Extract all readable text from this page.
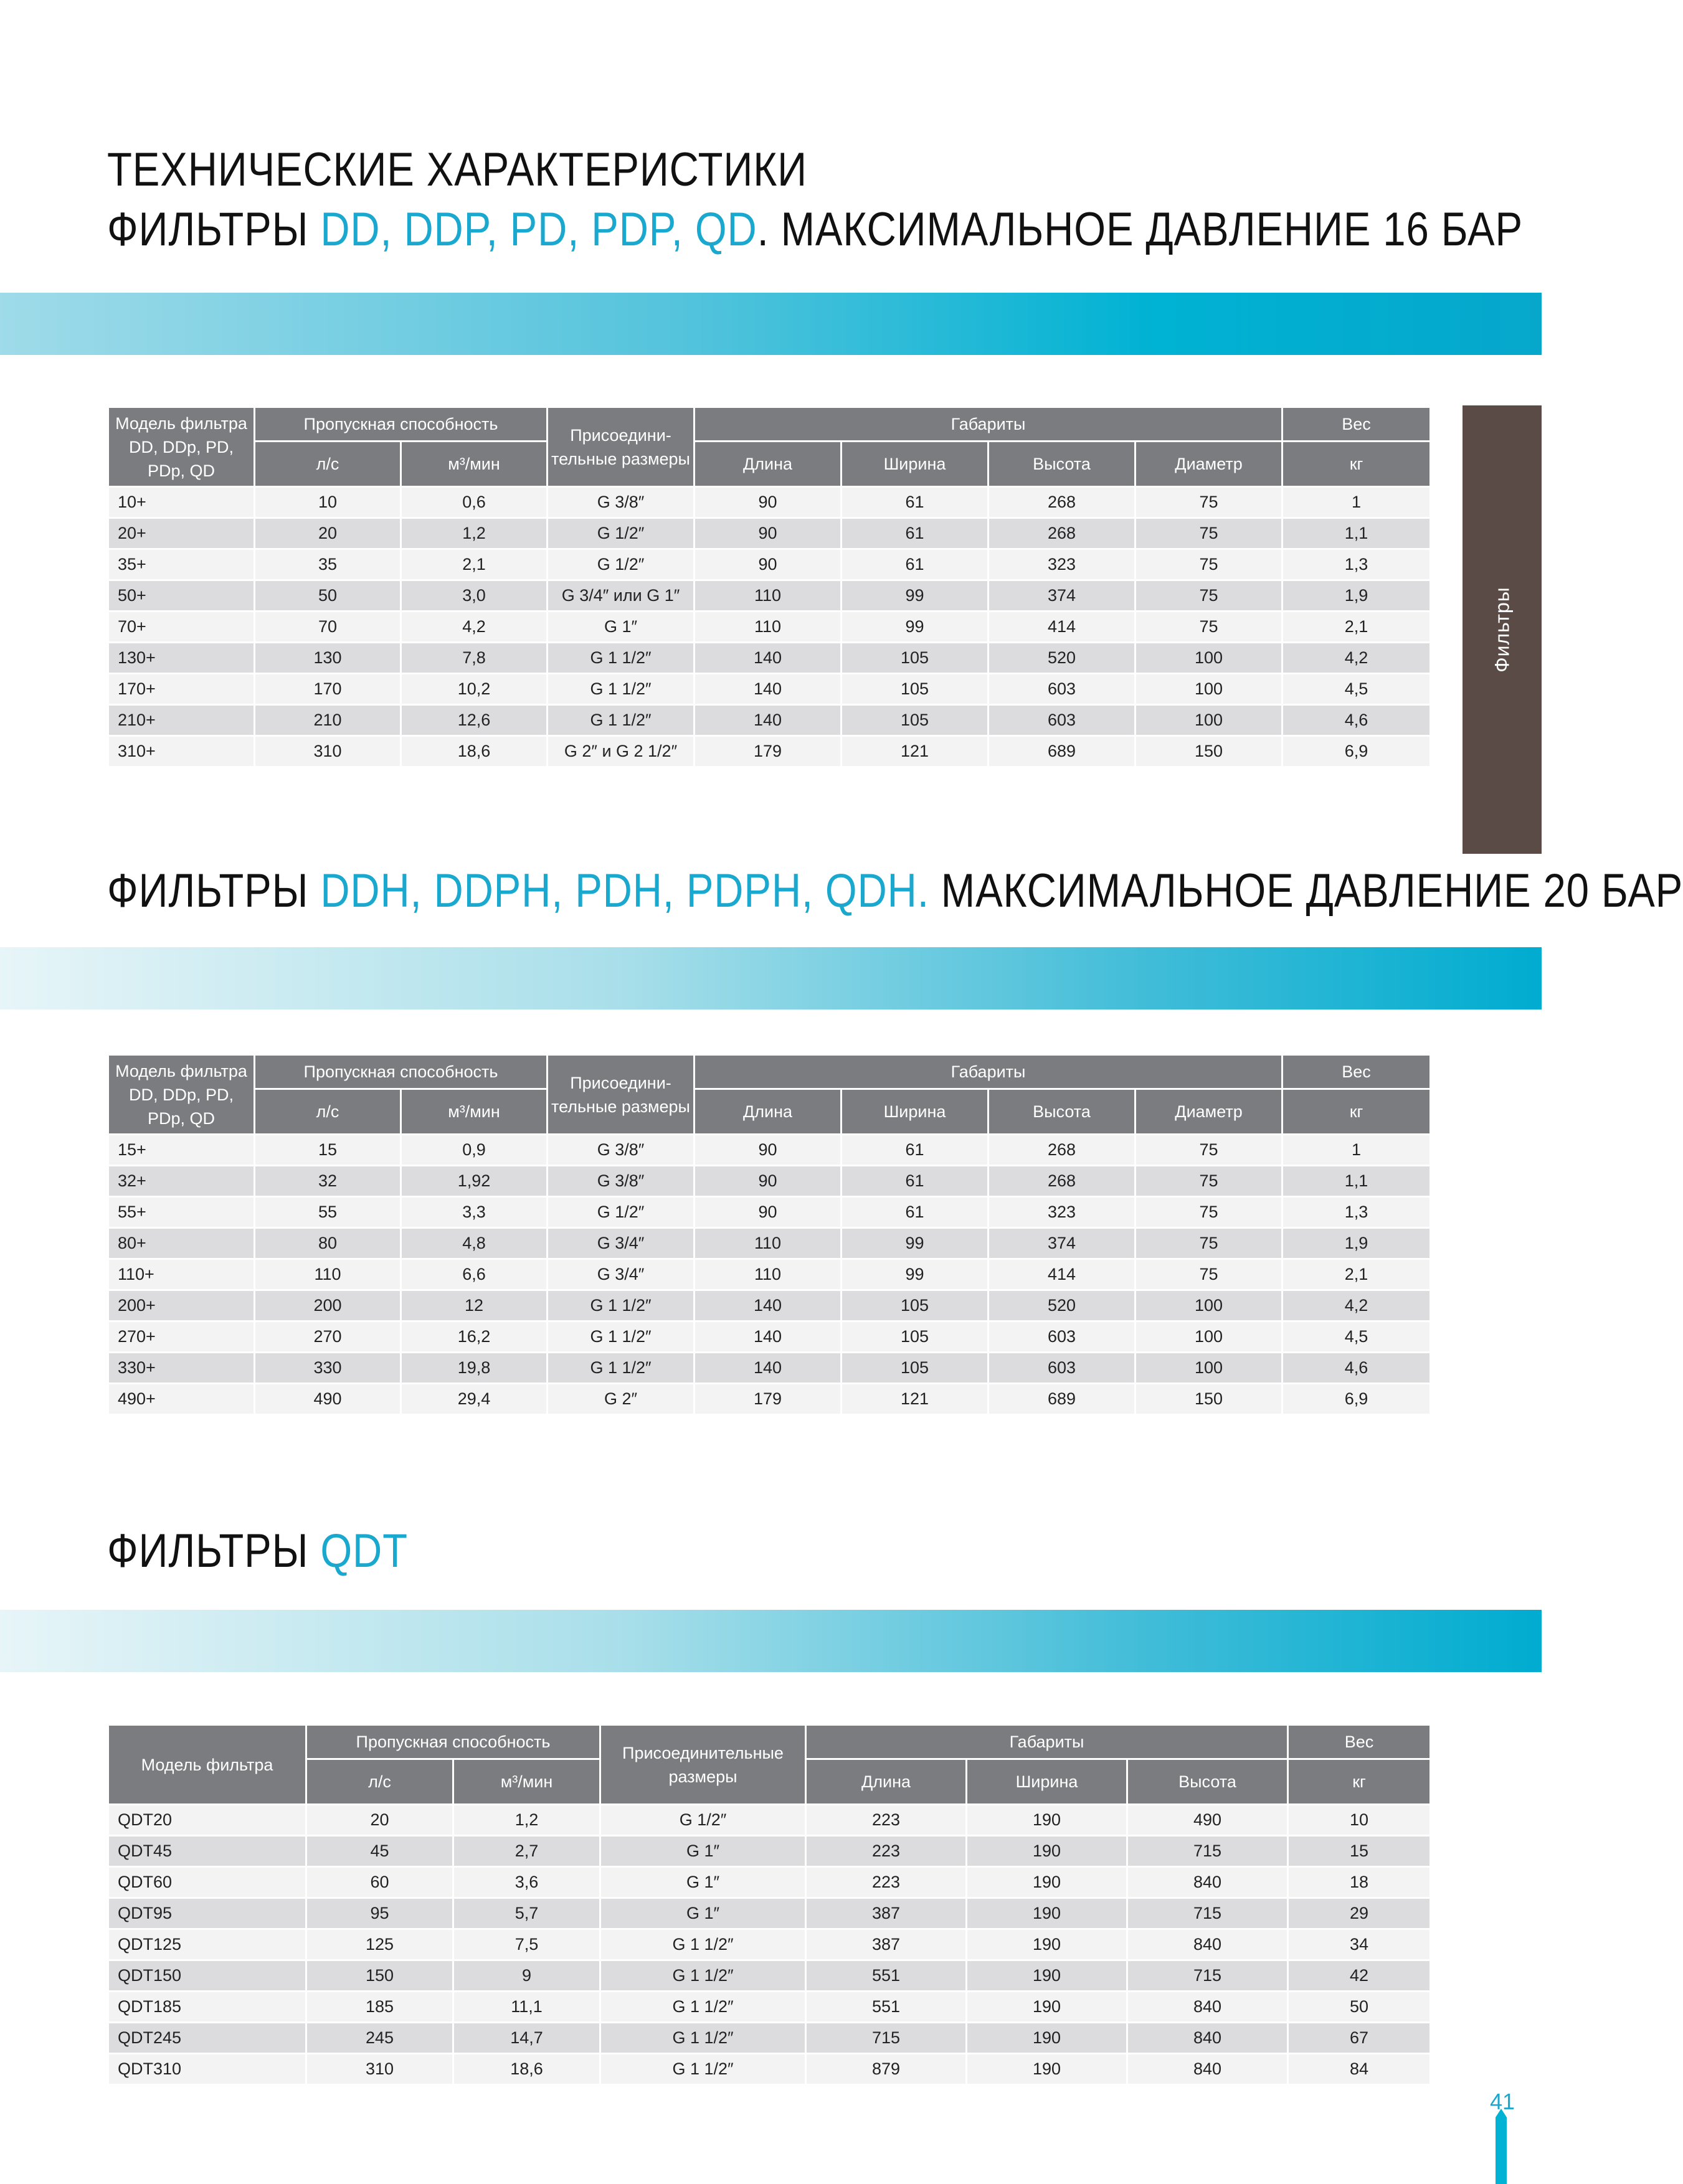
ТЕХНИЧЕСКИЕ ХАРАКТЕРИСТИКИ
ФИЛЬТРЫ DD, DDP, PD, PDP, QD. МАКСИМАЛЬНОЕ ДАВЛЕНИЕ 16 БАР
Фильтры
Модель фильтра DD, DDp, PD, PDp, QD	Пропускная способность		Присоедини-тельные размеры	Габариты				Вес
	л/с	м³/мин		Длина	Ширина	Высота	Диаметр	кг
10+	10	0,6	G 3/8″	90	61	268	75	1
20+	20	1,2	G 1/2″	90	61	268	75	1,1
35+	35	2,1	G 1/2″	90	61	323	75	1,3
50+	50	3,0	G 3/4″ или G 1″	110	99	374	75	1,9
70+	70	4,2	G 1″	110	99	414	75	2,1
130+	130	7,8	G 1 1/2″	140	105	520	100	4,2
170+	170	10,2	G 1 1/2″	140	105	603	100	4,5
210+	210	12,6	G 1 1/2″	140	105	603	100	4,6
310+	310	18,6	G 2″ и G 2 1/2″	179	121	689	150	6,9
ФИЛЬТРЫ DDH, DDPH, PDH, PDPH, QDH. МАКСИМАЛЬНОЕ ДАВЛЕНИЕ 20 БАР
Модель фильтра DD, DDp, PD, PDp, QD	Пропускная способность		Присоедини-тельные размеры	Габариты				Вес
	л/с	м³/мин		Длина	Ширина	Высота	Диаметр	кг
15+	15	0,9	G 3/8″	90	61	268	75	1
32+	32	1,92	G 3/8″	90	61	268	75	1,1
55+	55	3,3	G 1/2″	90	61	323	75	1,3
80+	80	4,8	G 3/4″	110	99	374	75	1,9
110+	110	6,6	G 3/4″	110	99	414	75	2,1
200+	200	12	G 1 1/2″	140	105	520	100	4,2
270+	270	16,2	G 1 1/2″	140	105	603	100	4,5
330+	330	19,8	G 1 1/2″	140	105	603	100	4,6
490+	490	29,4	G 2″	179	121	689	150	6,9
ФИЛЬТРЫ QDT
Модель фильтра	Пропускная способность		Присоединительные размеры	Габариты			Вес
	л/с	м³/мин		Длина	Ширина	Высота	кг
QDT20	20	1,2	G 1/2″	223	190	490	10
QDT45	45	2,7	G 1″	223	190	715	15
QDT60	60	3,6	G 1″	223	190	840	18
QDT95	95	5,7	G 1″	387	190	715	29
QDT125	125	7,5	G 1 1/2″	387	190	840	34
QDT150	150	9	G 1 1/2″	551	190	715	42
QDT185	185	11,1	G 1 1/2″	551	190	840	50
QDT245	245	14,7	G 1 1/2″	715	190	840	67
QDT310	310	18,6	G 1 1/2″	879	190	840	84
41
